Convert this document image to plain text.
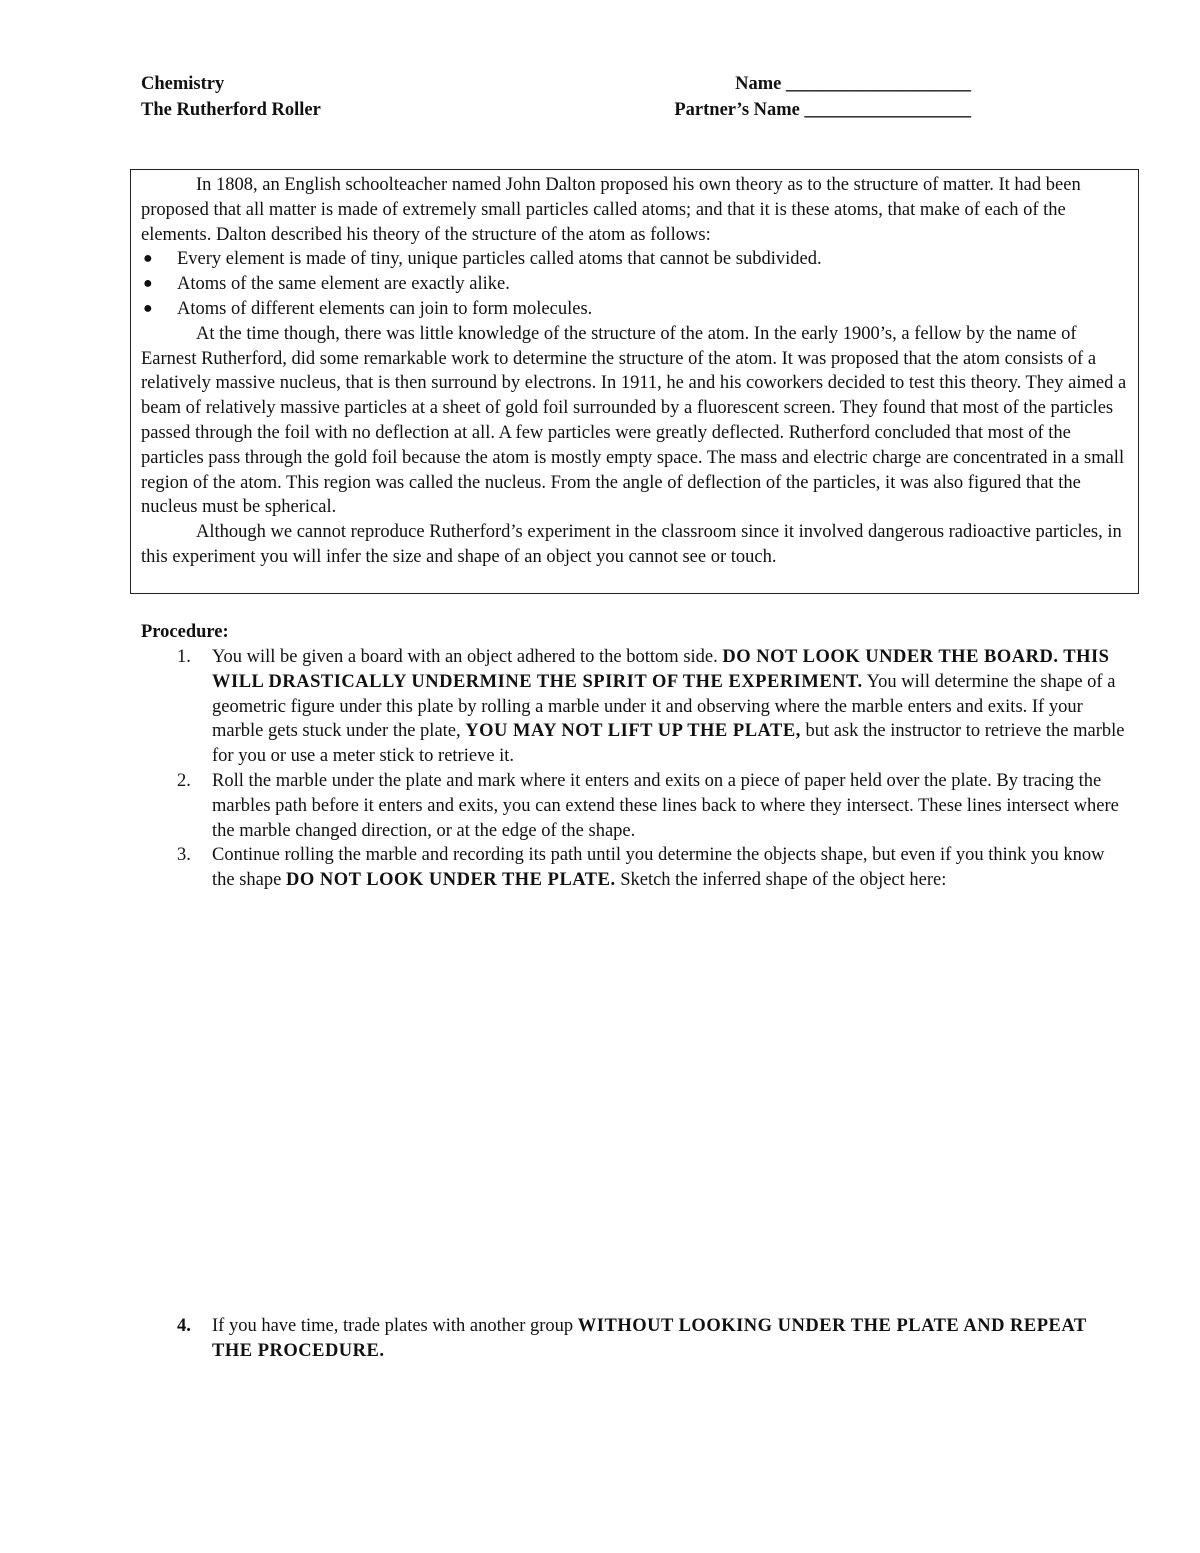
Chemistry	Name ____________________
The Rutherford Roller	Partner’s Name __________________

In 1808, an English schoolteacher named John Dalton proposed his own theory as to the structure of matter. It had been proposed that all matter is made of extremely small particles called atoms; and that it is these atoms, that make of each of the elements. Dalton described his theory of the structure of the atom as follows:

● Every element is made of tiny, unique particles called atoms that cannot be subdivided.
● Atoms of the same element are exactly alike.
● Atoms of different elements can join to form molecules.

At the time though, there was little knowledge of the structure of the atom. In the early 1900’s, a fellow by the name of Earnest Rutherford, did some remarkable work to determine the structure of the atom. It was proposed that the atom consists of a relatively massive nucleus, that is then surround by electrons. In 1911, he and his coworkers decided to test this theory. They aimed a beam of relatively massive particles at a sheet of gold foil surrounded by a fluorescent screen. They found that most of the particles passed through the foil with no deflection at all. A few particles were greatly deflected. Rutherford concluded that most of the particles pass through the gold foil because the atom is mostly empty space. The mass and electric charge are concentrated in a small region of the atom. This region was called the nucleus. From the angle of deflection of the particles, it was also figured that the nucleus must be spherical.

Although we cannot reproduce Rutherford’s experiment in the classroom since it involved dangerous radioactive particles, in this experiment you will infer the size and shape of an object you cannot see or touch.

Procedure:

1. You will be given a board with an object adhered to the bottom side. DO NOT LOOK UNDER THE BOARD. THIS WILL DRASTICALLY UNDERMINE THE SPIRIT OF THE EXPERIMENT. You will determine the shape of a geometric figure under this plate by rolling a marble under it and observing where the marble enters and exits. If your marble gets stuck under the plate, YOU MAY NOT LIFT UP THE PLATE, but ask the instructor to retrieve the marble for you or use a meter stick to retrieve it.
2. Roll the marble under the plate and mark where it enters and exits on a piece of paper held over the plate. By tracing the marbles path before it enters and exits, you can extend these lines back to where they intersect. These lines intersect where the marble changed direction, or at the edge of the shape.
3. Continue rolling the marble and recording its path until you determine the objects shape, but even if you think you know the shape DO NOT LOOK UNDER THE PLATE. Sketch the inferred shape of the object here:
4. If you have time, trade plates with another group WITHOUT LOOKING UNDER THE PLATE AND REPEAT THE PROCEDURE.
